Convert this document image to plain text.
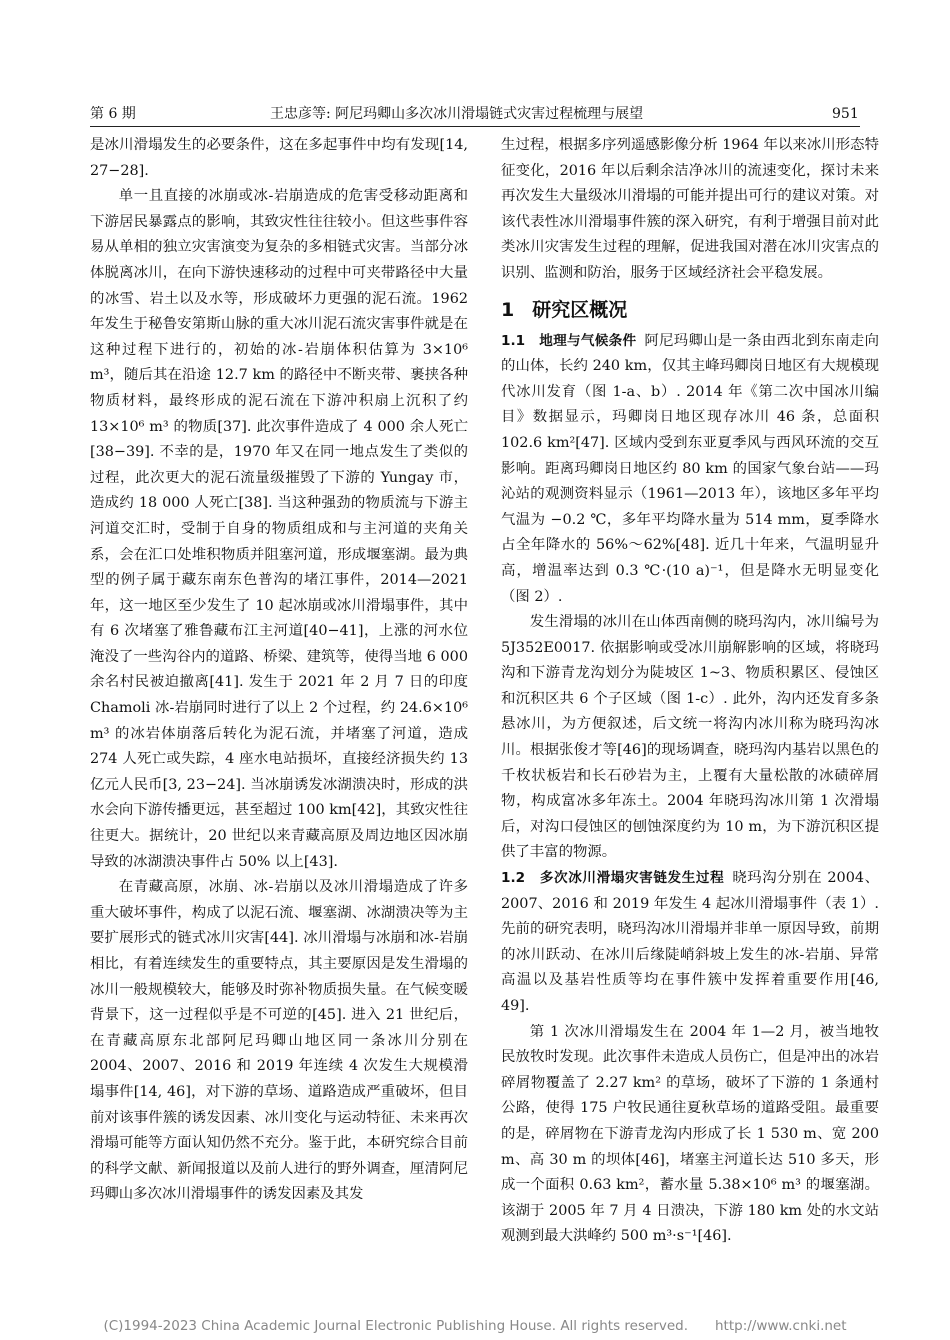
第 6 期	王忠彦等: 阿尼玛卿山多次冰川滑塌链式灾害过程梳理与展望	951

是冰川滑塌发生的必要条件，这在多起事件中均有发现[14, 27−28].

单一且直接的冰崩或冰-岩崩造成的危害受移动距离和下游居民暴露点的影响，其致灾性往往较小。但这些事件容易从单相的独立灾害演变为复杂的多相链式灾害。当部分冰体脱离冰川，在向下游快速移动的过程中可夹带路径中大量的冰雪、岩土以及水等，形成破坏力更强的泥石流。1962 年发生于秘鲁安第斯山脉的重大冰川泥石流灾害事件就是在这种过程下进行的，初始的冰-岩崩体积估算为 3×10⁶ m³，随后其在沿途 12.7 km 的路径中不断夹带、裹挟各种物质材料，最终形成的泥石流在下游冲积扇上沉积了约 13×10⁶ m³ 的物质[37]. 此次事件造成了 4 000 余人死亡[38−39]. 不幸的是，1970 年又在同一地点发生了类似的过程，此次更大的泥石流量级摧毁了下游的 Yungay 市，造成约 18 000 人死亡[38]. 当这种强劲的物质流与下游主河道交汇时，受制于自身的物质组成和与主河道的夹角关系，会在汇口处堆积物质并阻塞河道，形成堰塞湖。最为典型的例子属于藏东南东色普沟的堵江事件，2014—2021 年，这一地区至少发生了 10 起冰崩或冰川滑塌事件，其中有 6 次堵塞了雅鲁藏布江主河道[40−41]，上涨的河水位淹没了一些沟谷内的道路、桥梁、建筑等，使得当地 6 000 余名村民被迫撤离[41]. 发生于 2021 年 2 月 7 日的印度 Chamoli 冰-岩崩同时进行了以上 2 个过程，约 24.6×10⁶ m³ 的冰岩体崩落后转化为泥石流，并堵塞了河道，造成 274 人死亡或失踪，4 座水电站损坏，直接经济损失约 13 亿元人民币[3, 23−24]. 当冰崩诱发冰湖溃决时，形成的洪水会向下游传播更远，甚至超过 100 km[42]，其致灾性往往更大。据统计，20 世纪以来青藏高原及周边地区因冰崩导致的冰湖溃决事件占 50% 以上[43].

在青藏高原，冰崩、冰-岩崩以及冰川滑塌造成了许多重大破坏事件，构成了以泥石流、堰塞湖、冰湖溃决等为主要扩展形式的链式冰川灾害[44]. 冰川滑塌与冰崩和冰-岩崩相比，有着连续发生的重要特点，其主要原因是发生滑塌的冰川一般规模较大，能够及时弥补物质损失量。在气候变暖背景下，这一过程似乎是不可逆的[45]. 进入 21 世纪后，在青藏高原东北部阿尼玛卿山地区同一条冰川分别在 2004、2007、2016 和 2019 年连续 4 次发生大规模滑塌事件[14, 46]，对下游的草场、道路造成严重破坏，但目前对该事件簇的诱发因素、冰川变化与运动特征、未来再次滑塌可能等方面认知仍然不充分。鉴于此，本研究综合目前的科学文献、新闻报道以及前人进行的野外调查，厘清阿尼玛卿山多次冰川滑塌事件的诱发因素及其发

生过程，根据多序列遥感影像分析 1964 年以来冰川形态特征变化，2016 年以后剩余洁净冰川的流速变化，探讨未来再次发生大量级冰川滑塌的可能并提出可行的建议对策。对该代表性冰川滑塌事件簇的深入研究，有利于增强目前对此类冰川灾害发生过程的理解，促进我国对潜在冰川灾害点的识别、监测和防治，服务于区域经济社会平稳发展。

1 研究区概况

1.1　地理与气候条件 阿尼玛卿山是一条由西北到东南走向的山体，长约 240 km，仅其主峰玛卿岗日地区有大规模现代冰川发育（图 1-a、b）. 2014 年《第二次中国冰川编目》数据显示，玛卿岗日地区现存冰川 46 条，总面积 102.6 km²[47]. 区域内受到东亚夏季风与西风环流的交互影响。距离玛卿岗日地区约 80 km 的国家气象台站——玛沁站的观测资料显示（1961—2013 年），该地区多年平均气温为 −0.2 ℃，多年平均降水量为 514 mm，夏季降水占全年降水的 56%～62%[48]. 近几十年来，气温明显升高，增温率达到 0.3 ℃·(10 a)⁻¹，但是降水无明显变化（图 2）.

发生滑塌的冰川在山体西南侧的晓玛沟内，冰川编号为 5J352E0017. 依据影响或受冰川崩解影响的区域，将晓玛沟和下游青龙沟划分为陡坡区 1~3、物质积累区、侵蚀区和沉积区共 6 个子区域（图 1-c）. 此外，沟内还发育多条悬冰川，为方便叙述，后文统一将沟内冰川称为晓玛沟冰川。根据张俊才等[46]的现场调查，晓玛沟内基岩以黑色的千枚状板岩和长石砂岩为主，上覆有大量松散的冰碛碎屑物，构成富冰多年冻土。2004 年晓玛沟冰川第 1 次滑塌后，对沟口侵蚀区的刨蚀深度约为 10 m，为下游沉积区提供了丰富的物源。

1.2　多次冰川滑塌灾害链发生过程 晓玛沟分别在 2004、2007、2016 和 2019 年发生 4 起冰川滑塌事件（表 1）. 先前的研究表明，晓玛沟冰川滑塌并非单一原因导致，前期的冰川跃动、在冰川后缘陡峭斜坡上发生的冰-岩崩、异常高温以及基岩性质等均在事件簇中发挥着重要作用[46, 49].

第 1 次冰川滑塌发生在 2004 年 1—2 月，被当地牧民放牧时发现。此次事件未造成人员伤亡，但是冲出的冰岩碎屑物覆盖了 2.27 km² 的草场，破坏了下游的 1 条通村公路，使得 175 户牧民通往夏秋草场的道路受阻。最重要的是，碎屑物在下游青龙沟内形成了长 1 530 m、宽 200 m、高 30 m 的坝体[46]，堵塞主河道长达 510 多天，形成一个面积 0.63 km²，蓄水量 5.38×10⁶ m³ 的堰塞湖。该湖于 2005 年 7 月 4 日溃决，下游 180 km 处的水文站观测到最大洪峰约 500 m³·s⁻¹[46].

(C)1994-2023 China Academic Journal Electronic Publishing House. All rights reserved.　　http://www.cnki.net
